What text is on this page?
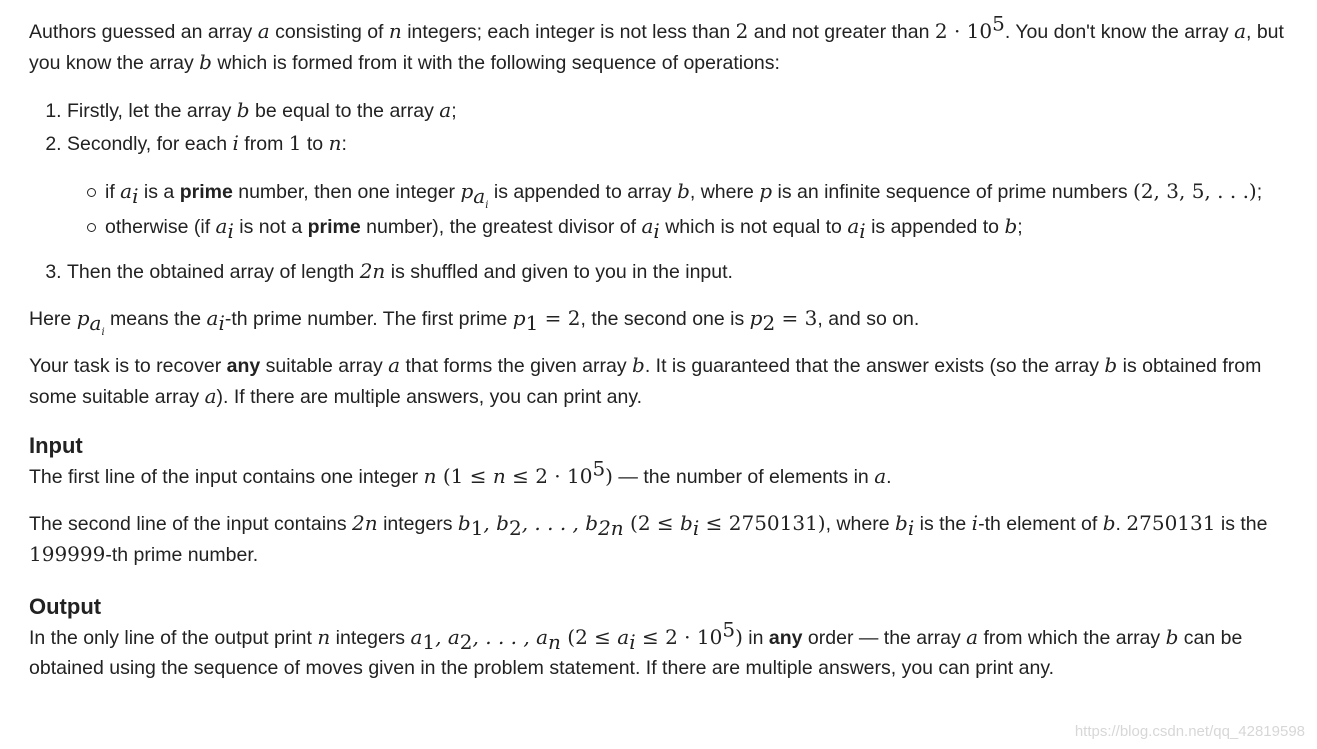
Authors guessed an array a consisting of n integers; each integer is not less than 2 and not greater than $2 \cdot 10^5$. You don't know the array a, but you know the array b which is formed from it with the following sequence of operations:

1. Firstly, let the array b be equal to the array a;
2. Secondly, for each i from 1 to n:
if $a_i$ is a prime number, then one integer $p_{a_i}$ is appended to array b, where p is an infinite sequence of prime numbers (2, 3, 5, . . .);
otherwise (if $a_i$ is not a prime number), the greatest divisor of $a_i$ which is not equal to $a_i$ is appended to b;
3. Then the obtained array of length 2n is shuffled and given to you in the input.

Here $p_{a_i}$ means the $a_i-th$ prime number. The first prime $p_1 = 2$, the second one is $p_2 = 3$, and so on.

Your task is to recover any suitable array a that forms the given array b. It is guaranteed that the answer exists (so the array b is obtained from some suitable array a). If there are multiple answers, you can print any.

Input

The first line of the input contains one integer n $(1 \le n \le 2 \cdot 10^5)$ — the number of elements in a.

The second line of the input contains 2n integers $b_1$, $b_2$, . . . , $b_{2n}$ $(2 \le b_i \le 2750131)$, where $b_i$ is the i-th element of b. 2750131 is the 199999-th prime number.

Output

In the only line of the output print n integers $a_1$, $a_2$, . . . , $a_n$ $(2 \le a_i \le 2 \cdot 10^5)$ in any order — the array a from which the array b can be obtained using the sequence of moves given in the problem statement. If there are multiple answers, you can print any.

https://blog.csdn.net/qq_42819598
